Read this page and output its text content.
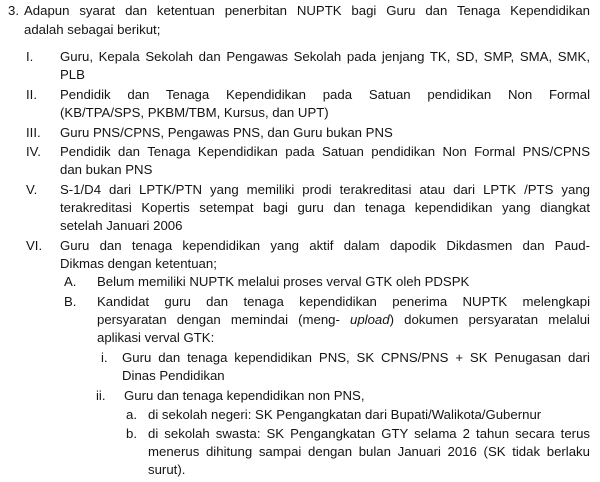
3. Adapun syarat dan ketentuan penerbitan NUPTK bagi Guru dan Tenaga Kependidikan
adalah sebagai berikut;
I. Guru, Kepala Sekolah dan Pengawas Sekolah pada jenjang TK, SD, SMP, SMA, SMK,
PLB
II. Pendidik dan Tenaga Kependidikan pada Satuan pendidikan Non Formal
(KB/TPA/SPS, PKBM/TBM, Kursus, dan UPT)
III. Guru PNS/CPNS, Pengawas PNS, dan Guru bukan PNS
IV. Pendidik dan Tenaga Kependidikan pada Satuan pendidikan Non Formal PNS/CPNS
dan bukan PNS
V. S-1/D4 dari LPTK/PTN yang memiliki prodi terakreditasi atau dari LPTK /PTS yang
terakreditasi Kopertis setempat bagi guru dan tenaga kependidikan yang diangkat
setelah Januari 2006
VI. Guru dan tenaga kependidikan yang aktif dalam dapodik Dikdasmen dan Paud-
Dikmas dengan ketentuan;
A. Belum memiliki NUPTK melalui proses verval GTK oleh PDSPK
B. Kandidat guru dan tenaga kependidikan penerima NUPTK melengkapi
persyaratan dengan memindai (meng- upload) dokumen persyaratan melalui
aplikasi verval GTK:
i. Guru dan tenaga kependidikan PNS, SK CPNS/PNS + SK Penugasan dari
Dinas Pendidikan
ii. Guru dan tenaga kependidikan non PNS,
a. di sekolah negeri: SK Pengangkatan dari Bupati/Walikota/Gubernur
b. di sekolah swasta: SK Pengangkatan GTY selama 2 tahun secara terus
menerus dihitung sampai dengan bulan Januari 2016 (SK tidak berlaku
surut).
